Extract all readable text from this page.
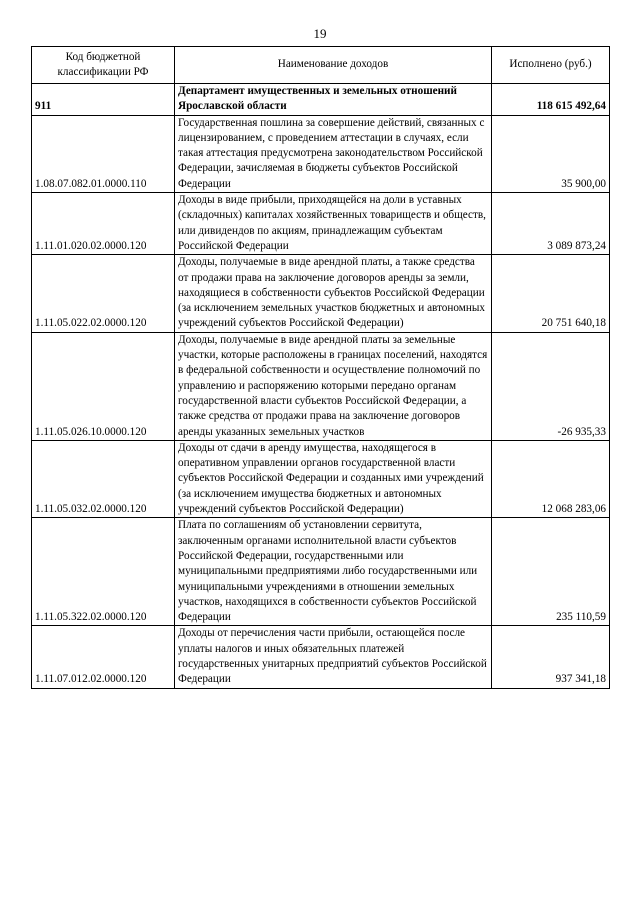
19
Код бюджетной классификации РФ	Наименование доходов	Исполнено (руб.)
911	Департамент имущественных и земельных отношений Ярославской области	118 615 492,64
1.08.07.082.01.0000.110	Государственная пошлина за совершение действий, связанных с лицензированием, с проведением аттестации в случаях, если такая аттестация предусмотрена законодательством Российской Федерации, зачисляемая в бюджеты субъектов Российской Федерации	35 900,00
1.11.01.020.02.0000.120	Доходы в виде прибыли, приходящейся на доли в уставных (складочных) капиталах хозяйственных товариществ и обществ, или дивидендов по акциям, принадлежащим субъектам Российской Федерации	3 089 873,24
1.11.05.022.02.0000.120	Доходы, получаемые в виде арендной платы, а также средства от продажи права на заключение договоров аренды за земли, находящиеся в собственности субъектов Российской Федерации (за исключением земельных участков бюджетных и автономных учреждений субъектов Российской Федерации)	20 751 640,18
1.11.05.026.10.0000.120	Доходы, получаемые в виде арендной платы за земельные участки, которые расположены в границах поселений, находятся в федеральной собственности и осуществление полномочий по управлению и распоряжению которыми передано органам государственной власти субъектов Российской Федерации, а также средства от продажи права на заключение договоров аренды указанных земельных участков	-26 935,33
1.11.05.032.02.0000.120	Доходы от сдачи в аренду имущества, находящегося в оперативном управлении органов государственной власти субъектов Российской Федерации и созданных ими учреждений (за исключением имущества бюджетных и автономных учреждений субъектов Российской Федерации)	12 068 283,06
1.11.05.322.02.0000.120	Плата по соглашениям об установлении сервитута, заключенным органами исполнительной власти субъектов Российской Федерации, государственными или муниципальными предприятиями либо государственными или муниципальными учреждениями в отношении земельных участков, находящихся в собственности субъектов Российской Федерации	235 110,59
1.11.07.012.02.0000.120	Доходы от перечисления части прибыли, остающейся после уплаты налогов и иных обязательных платежей государственных унитарных предприятий субъектов Российской Федерации	937 341,18
